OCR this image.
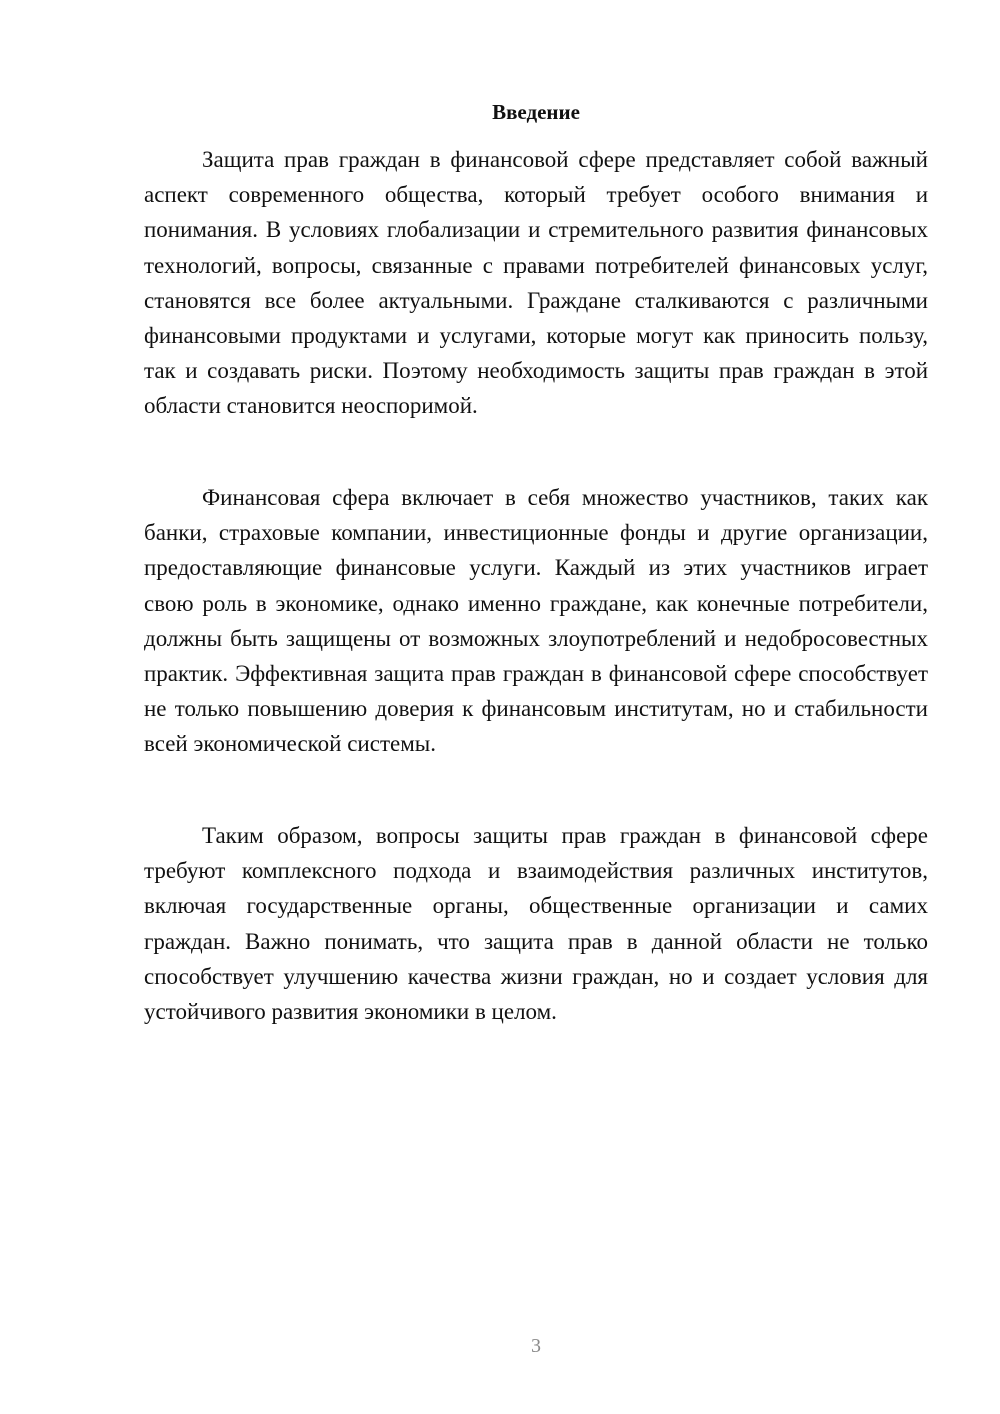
Введение

Защита прав граждан в финансовой сфере представляет собой важный аспект современного общества, который требует особого внимания и понимания. В условиях глобализации и стремительного развития финансовых технологий, вопросы, связанные с правами потребителей финансовых услуг, становятся все более актуальными. Граждане сталкиваются с различными финансовыми продуктами и услугами, которые могут как приносить пользу, так и создавать риски. Поэтому необходимость защиты прав граждан в этой области становится неоспоримой.

Финансовая сфера включает в себя множество участников, таких как банки, страховые компании, инвестиционные фонды и другие организации, предоставляющие финансовые услуги. Каждый из этих участников играет свою роль в экономике, однако именно граждане, как конечные потребители, должны быть защищены от возможных злоупотреблений и недобросовестных практик. Эффективная защита прав граждан в финансовой сфере способствует не только повышению доверия к финансовым институтам, но и стабильности всей экономической системы.

Таким образом, вопросы защиты прав граждан в финансовой сфере требуют комплексного подхода и взаимодействия различных институтов, включая государственные органы, общественные организации и самих граждан. Важно понимать, что защита прав в данной области не только способствует улучшению качества жизни граждан, но и создает условия для устойчивого развития экономики в целом.

3
